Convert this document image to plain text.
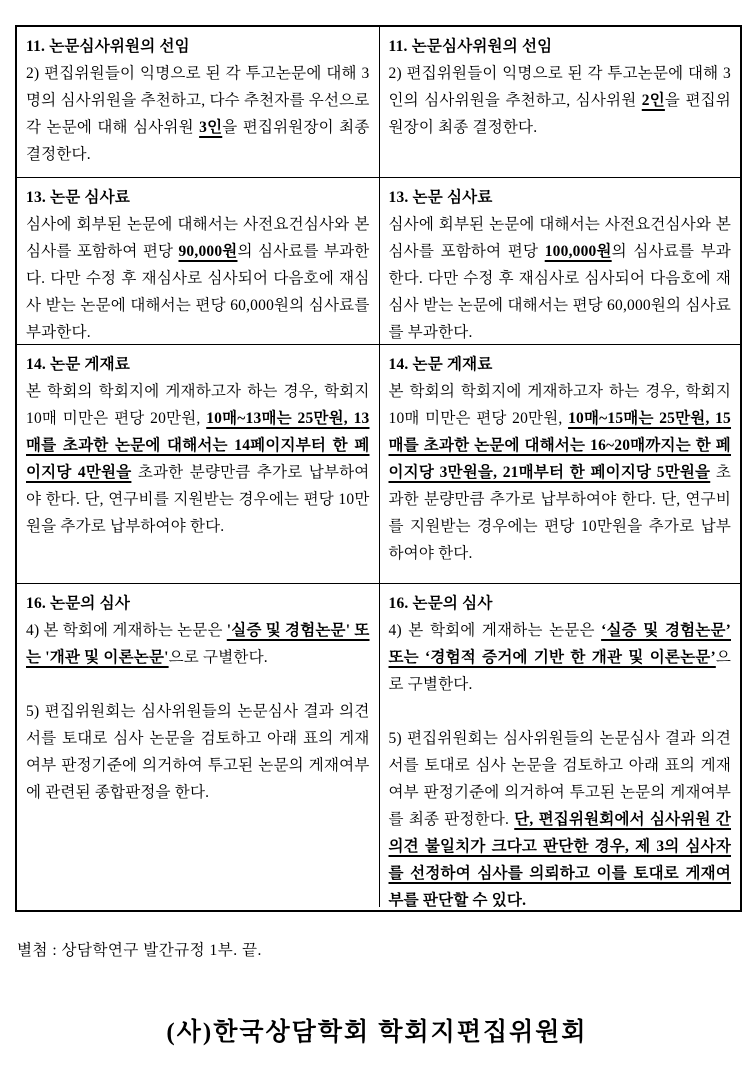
11. 논문심사위원의 선임
2) 편집위원들이 익명으로 된 각 투고논문에 대해 3명의 심사위원을 추천하고, 다수 추천자를 우선으로 각 논문에 대해 심사위원 3인을 편집위원장이 최종 결정한다.
11. 논문심사위원의 선임
2) 편집위원들이 익명으로 된 각 투고논문에 대해 3인의 심사위원을 추천하고, 심사위원 2인을 편집위원장이 최종 결정한다.
13. 논문 심사료
심사에 회부된 논문에 대해서는 사전요건심사와 본심사를 포함하여 편당 90,000원의 심사료를 부과한다. 다만 수정 후 재심사로 심사되어 다음호에 재심사 받는 논문에 대해서는 편당 60,000원의 심사료를 부과한다.
13. 논문 심사료
심사에 회부된 논문에 대해서는 사전요건심사와 본심사를 포함하여 편당 100,000원의 심사료를 부과한다. 다만 수정 후 재심사로 심사되어 다음호에 재심사 받는 논문에 대해서는 편당 60,000원의 심사료를 부과한다.
14. 논문 게재료
본 학회의 학회지에 게재하고자 하는 경우, 학회지 10매 미만은 편당 20만원, 10매~13매는 25만원, 13매를 초과한 논문에 대해서는 14페이지부터 한 페이지당 4만원을 초과한 분량만큼 추가로 납부하여야 한다. 단, 연구비를 지원받는 경우에는 편당 10만원을 추가로 납부하여야 한다.
14. 논문 게재료
본 학회의 학회지에 게재하고자 하는 경우, 학회지 10매 미만은 편당 20만원, 10매~15매는 25만원, 15매를 초과한 논문에 대해서는 16~20매까지는 한 페이지당 3만원을, 21매부터 한 페이지당 5만원을 초과한 분량만큼 추가로 납부하여야 한다. 단, 연구비를 지원받는 경우에는 편당 10만원을 추가로 납부하여야 한다.
16. 논문의 심사
4) 본 학회에 게재하는 논문은 '실증 및 경험논문' 또는 '개관 및 이론논문'으로 구별한다.
5) 편집위원회는 심사위원들의 논문심사 결과 의견서를 토대로 심사 논문을 검토하고 아래 표의 게재여부 판정기준에 의거하여 투고된 논문의 게재여부에 관련된 종합판정을 한다.
16. 논문의 심사
4) 본 학회에 게재하는 논문은 ‘실증 및 경험논문’ 또는 ‘경험적 증거에 기반 한 개관 및 이론논문’으로 구별한다.
5) 편집위원회는 심사위원들의 논문심사 결과 의견서를 토대로 심사 논문을 검토하고 아래 표의 게재여부 판정기준에 의거하여 투고된 논문의 게재여부를 최종 판정한다. 단, 편집위원회에서 심사위원 간 의견 불일치가 크다고 판단한 경우, 제 3의 심사자를 선정하여 심사를 의뢰하고 이를 토대로 게재여부를 판단할 수 있다.
별첨 : 상담학연구 발간규정 1부. 끝.
(사)한국상담학회 학회지편집위원회
